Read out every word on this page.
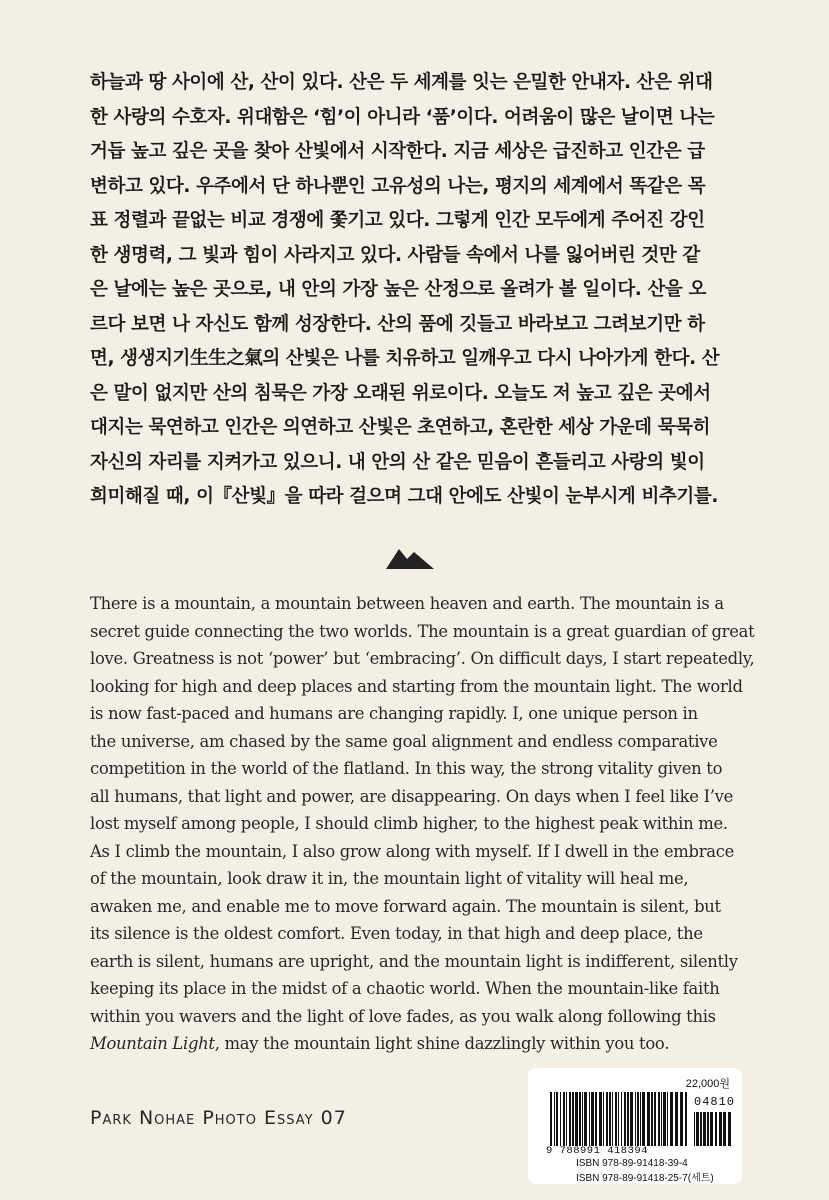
하늘과 땅 사이에 산, 산이 있다. 산은 두 세계를 잇는 은밀한 안내자. 산은 위대

한 사랑의 수호자. 위대함은 ‘힘’이 아니라 ‘품’이다. 어려움이 많은 날이면 나는

거듭 높고 깊은 곳을 찾아 산빛에서 시작한다. 지금 세상은 급진하고 인간은 급

변하고 있다. 우주에서 단 하나뿐인 고유성의 나는, 평지의 세계에서 똑같은 목

표 정렬과 끝없는 비교 경쟁에 쫓기고 있다. 그렇게 인간 모두에게 주어진 강인

한 생명력, 그 빛과 힘이 사라지고 있다. 사람들 속에서 나를 잃어버린 것만 같

은 날에는 높은 곳으로, 내 안의 가장 높은 산정으로 올려가 볼 일이다. 산을 오

르다 보면 나 자신도 함께 성장한다. 산의 품에 깃들고 바라보고 그려보기만 하

면, 생생지기生生之氣의 산빛은 나를 치유하고 일깨우고 다시 나아가게 한다. 산

은 말이 없지만 산의 침묵은 가장 오래된 위로이다. 오늘도 저 높고 깊은 곳에서

대지는 묵연하고 인간은 의연하고 산빛은 초연하고, 혼란한 세상 가운데 묵묵히

자신의 자리를 지켜가고 있으니. 내 안의 산 같은 믿음이 흔들리고 사랑의 빛이

희미해질 때, 이『산빛』을 따라 걸으며 그대 안에도 산빛이 눈부시게 비추기를.

There is a mountain, a mountain between heaven and earth. The mountain is a

secret guide connecting the two worlds. The mountain is a great guardian of great

love. Greatness is not ‘power’ but ‘embracing’. On difficult days, I start repeatedly,

looking for high and deep places and starting from the mountain light. The world

is now fast-paced and humans are changing rapidly. I, one unique person in

the universe, am chased by the same goal alignment and endless comparative

competition in the world of the flatland. In this way, the strong vitality given to

all humans, that light and power, are disappearing. On days when I feel like I’ve

lost myself among people, I should climb higher, to the highest peak within me.

As I climb the mountain, I also grow along with myself. If I dwell in the embrace

of the mountain, look draw it in, the mountain light of vitality will heal me,

awaken me, and enable me to move forward again. The mountain is silent, but

its silence is the oldest comfort. Even today, in that high and deep place, the

earth is silent, humans are upright, and the mountain light is indifferent, silently

keeping its place in the midst of a chaotic world. When the mountain-like faith

within you wavers and the light of love fades, as you walk along following this

Mountain Light, may the mountain light shine dazzlingly within you too.

Park Nohae Photo Essay 07
22,000원
04810
9 788991 418394
ISBN 978-89-91418-39-4
ISBN 978-89-91418-25-7(세트)
